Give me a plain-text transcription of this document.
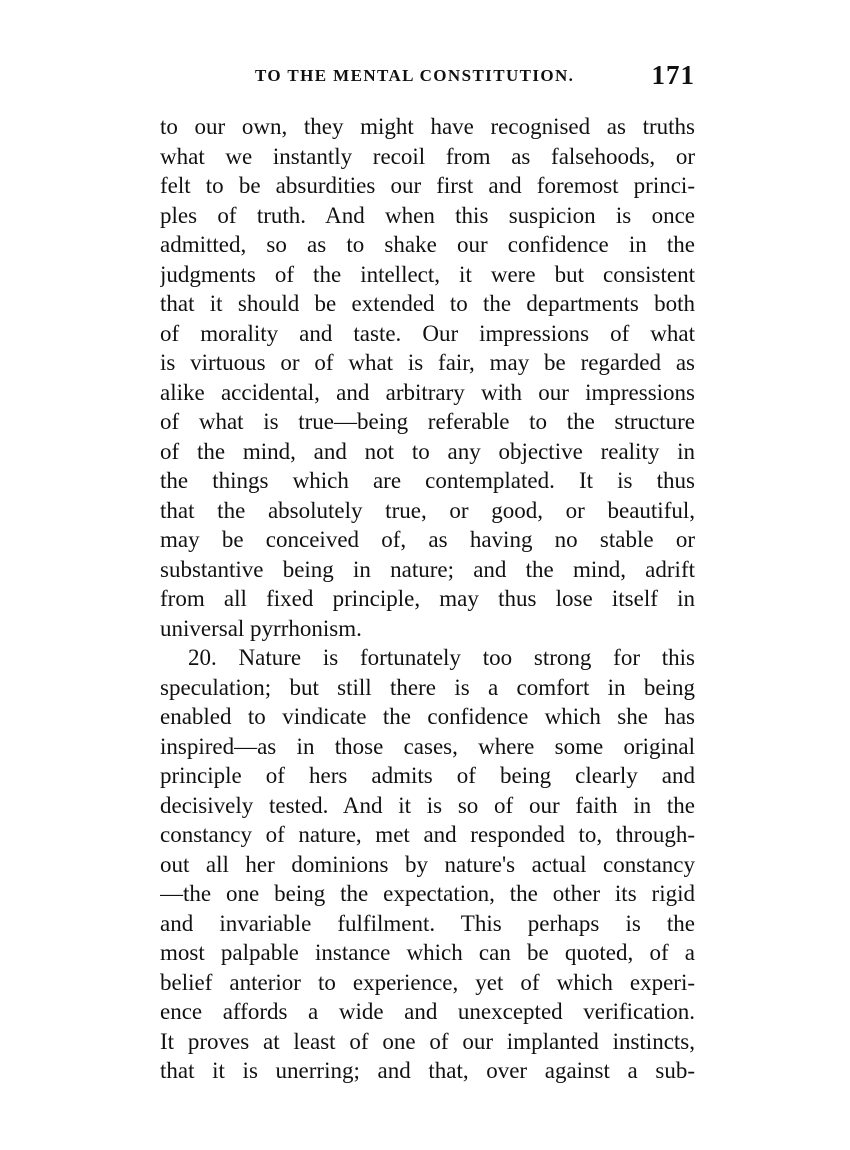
TO THE MENTAL CONSTITUTION.	171
to our own, they might have recognised as truths
what we instantly recoil from as falsehoods, or
felt to be absurdities our first and foremost princi-
ples of truth. And when this suspicion is once
admitted, so as to shake our confidence in the
judgments of the intellect, it were but consistent
that it should be extended to the departments both
of morality and taste. Our impressions of what
is virtuous or of what is fair, may be regarded as
alike accidental, and arbitrary with our impressions
of what is true—being referable to the structure
of the mind, and not to any objective reality in
the things which are contemplated. It is thus
that the absolutely true, or good, or beautiful,
may be conceived of, as having no stable or
substantive being in nature; and the mind, adrift
from all fixed principle, may thus lose itself in
universal pyrrhonism.
20. Nature is fortunately too strong for this
speculation; but still there is a comfort in being
enabled to vindicate the confidence which she has
inspired—as in those cases, where some original
principle of hers admits of being clearly and
decisively tested. And it is so of our faith in the
constancy of nature, met and responded to, through-
out all her dominions by nature's actual constancy
—the one being the expectation, the other its rigid
and invariable fulfilment. This perhaps is the
most palpable instance which can be quoted, of a
belief anterior to experience, yet of which experi-
ence affords a wide and unexcepted verification.
It proves at least of one of our implanted instincts,
that it is unerring; and that, over against a sub-
